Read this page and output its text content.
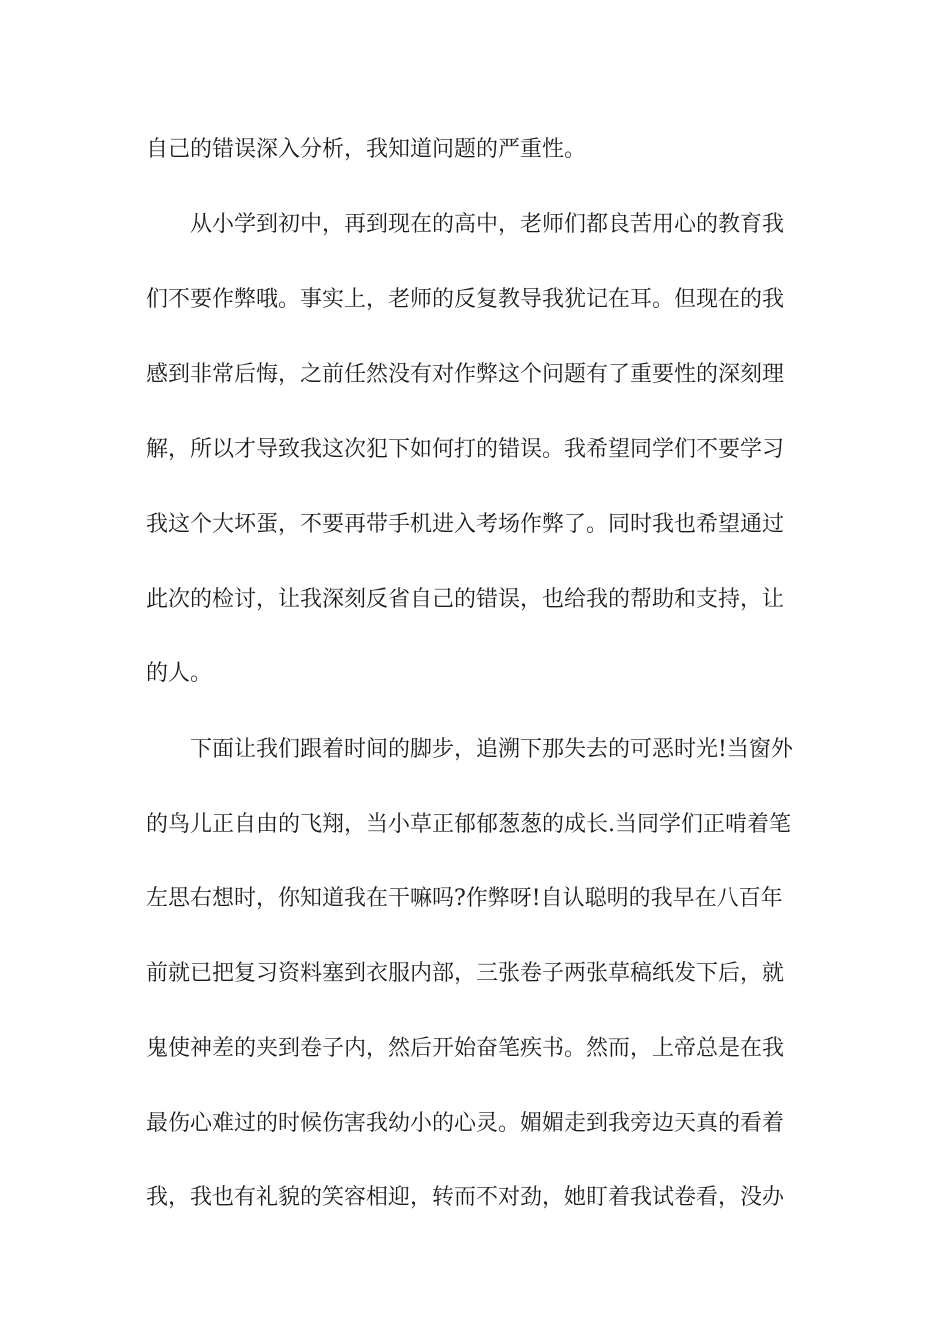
自己的错误深入分析，我知道问题的严重性。
从小学到初中，再到现在的高中，老师们都良苦用心的教育我
们不要作弊哦。事实上，老师的反复教导我犹记在耳。但现在的我
感到非常后悔，之前任然没有对作弊这个问题有了重要性的深刻理
解，所以才导致我这次犯下如何打的错误。我希望同学们不要学习
我这个大坏蛋，不要再带手机进入考场作弊了。同时我也希望通过
此次的检讨，让我深刻反省自己的错误，也给我的帮助和支持，让
的人。
下面让我们跟着时间的脚步，追溯下那失去的可恶时光!当窗外
的鸟儿正自由的飞翔，当小草正郁郁葱葱的成长.当同学们正啃着笔
左思右想时，你知道我在干嘛吗?作弊呀!自认聪明的我早在八百年
前就已把复习资料塞到衣服内部，三张卷子两张草稿纸发下后，就
鬼使神差的夹到卷子内，然后开始奋笔疾书。然而，上帝总是在我
最伤心难过的时候伤害我幼小的心灵。媚媚走到我旁边天真的看着
我，我也有礼貌的笑容相迎，转而不对劲，她盯着我试卷看，没办
